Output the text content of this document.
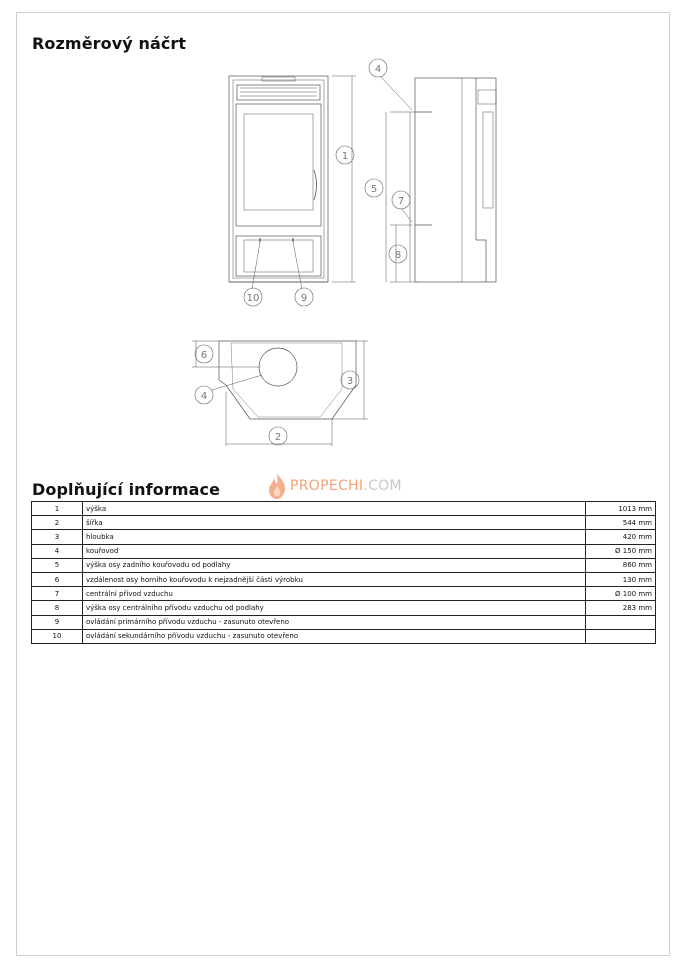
Rozměrový náčrt
1
2
3
4
4
5
6
7
8
9
10
Doplňující informace	PROPECHI.COM
1	výška	1013 mm
2	šířka	544 mm
3	hloubka	420 mm
4	kouřovod	Ø 150 mm
5	výška osy zadního kouřovodu od podlahy	860 mm
6	vzdálenost osy horního kouřovodu k nejzadnější části výrobku	130 mm
7	centrální přívod vzduchu	Ø 100 mm
8	výška osy centrálního přívodu vzduchu od podlahy	283 mm
9	ovládání primárního přívodu vzduchu - zasunuto otevřeno	
10	ovládání sekundárního přívodu vzduchu - zasunuto otevřeno	
